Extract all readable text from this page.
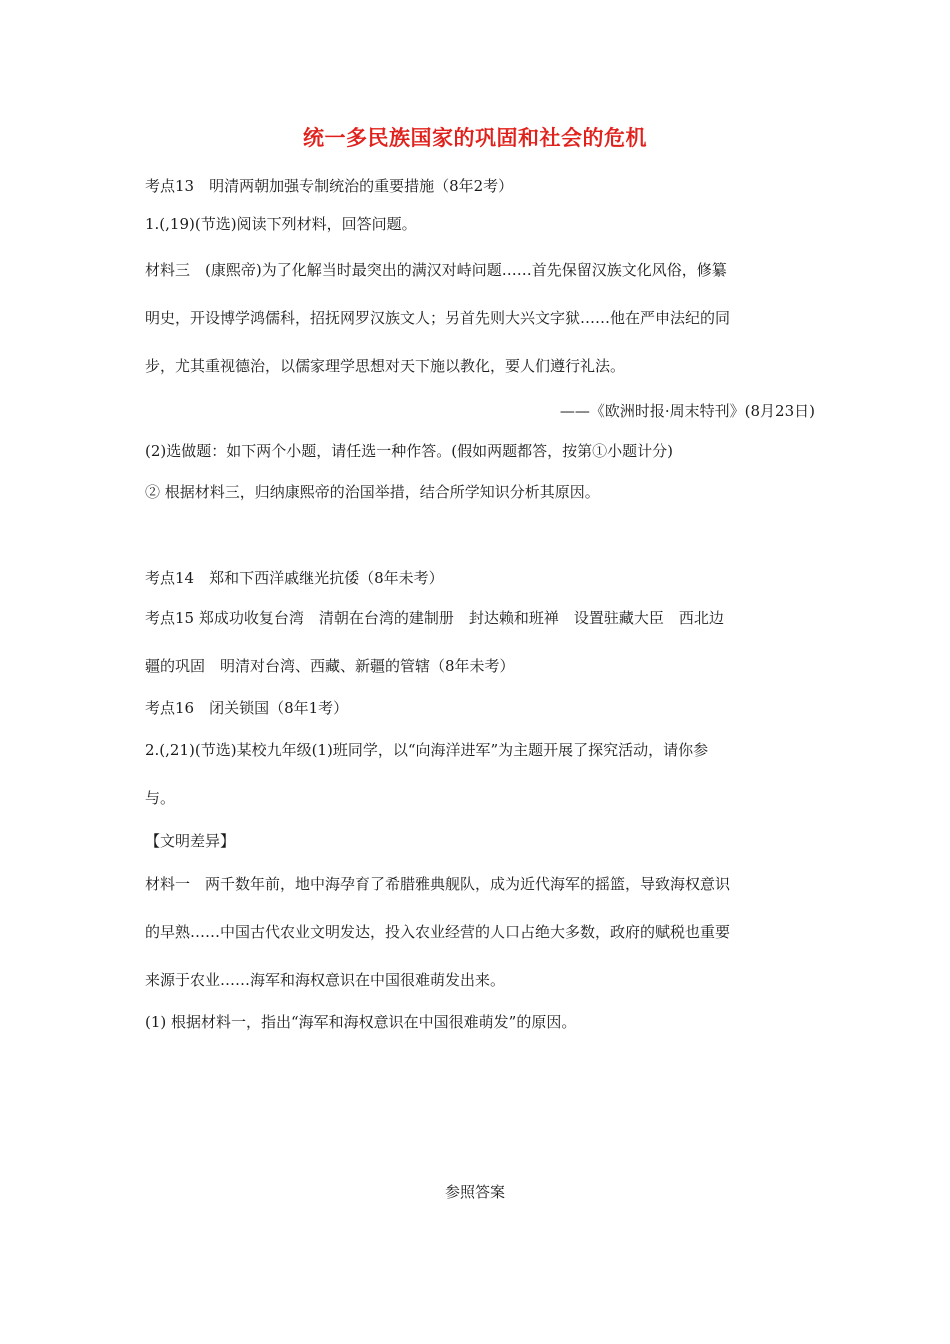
统一多民族国家的巩固和社会的危机
考点13　明清两朝加强专制统治的重要措施（8年2考）
1.(,19)(节选)阅读下列材料，回答问题。
材料三　(康熙帝)为了化解当时最突出的满汉对峙问题……首先保留汉族文化风俗，修纂
明史，开设博学鸿儒科，招抚网罗汉族文人；另首先则大兴文字狱……他在严申法纪的同
步，尤其重视德治，以儒家理学思想对天下施以教化，要人们遵行礼法。
——《欧洲时报·周末特刊》(8月23日)
(2)选做题：如下两个小题，请任选一种作答。(假如两题都答，按第①小题计分)
② 根据材料三，归纳康熙帝的治国举措，结合所学知识分析其原因。
考点14　郑和下西洋戚继光抗倭（8年未考）
考点15 郑成功收复台湾　清朝在台湾的建制册　封达赖和班禅　设置驻藏大臣　西北边
疆的巩固　明清对台湾、西藏、新疆的管辖（8年未考）
考点16　闭关锁国（8年1考）
2.(,21)(节选)某校九年级(1)班同学，以“向海洋进军”为主题开展了探究活动，请你参
与。
【文明差异】
材料一　两千数年前，地中海孕育了希腊雅典舰队，成为近代海军的摇篮，导致海权意识
的早熟……中国古代农业文明发达，投入农业经营的人口占绝大多数，政府的赋税也重要
来源于农业……海军和海权意识在中国很难萌发出来。
(1) 根据材料一，指出“海军和海权意识在中国很难萌发”的原因。
参照答案
